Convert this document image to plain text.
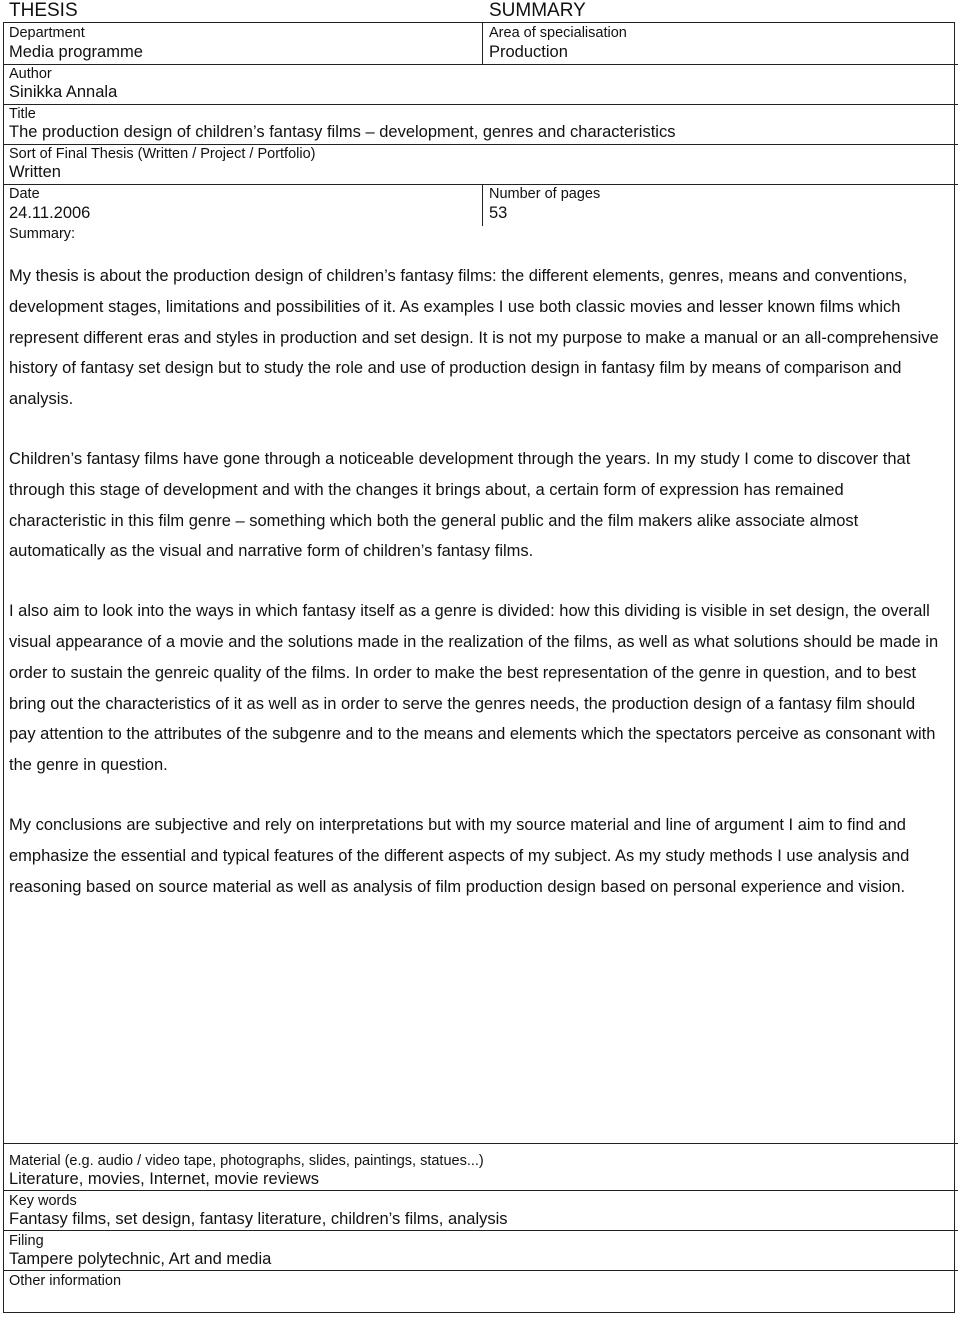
THESIS	SUMMARY
Department
Media programme
Area of specialisation
Production
Author
Sinikka Annala
Title
The production design of children’s fantasy films – development, genres and characteristics
Sort of Final Thesis (Written / Project / Portfolio)
Written
Date
24.11.2006
Number of pages
53
Summary:

My thesis is about the production design of children’s fantasy films: the different elements, genres, means and conventions, development stages, limitations and possibilities of it. As examples I use both classic movies and lesser known films which represent different eras and styles in production and set design. It is not my purpose to make a manual or an all-comprehensive history of fantasy set design but to study the role and use of production design in fantasy film by means of comparison and analysis.

Children’s fantasy films have gone through a noticeable development through the years. In my study I come to discover that through this stage of development and with the changes it brings about, a certain form of expression has remained characteristic in this film genre – something which both the general public and the film makers alike associate almost automatically as the visual and narrative form of children’s fantasy films.

I also aim to look into the ways in which fantasy itself as a genre is divided: how this dividing is visible in set design, the overall visual appearance of a movie and the solutions made in the realization of the films, as well as what solutions should be made in order to sustain the genreic quality of the films. In order to make the best representation of the genre in question, and to best bring out the characteristics of it as well as in order to serve the genres needs, the production design of a fantasy film should pay attention to the attributes of the subgenre and to the means and elements which the spectators perceive as consonant with the genre in question.

My conclusions are subjective and rely on interpretations but with my source material and line of argument I aim to find and emphasize the essential and typical features of the different aspects of my subject. As my study methods I use analysis and reasoning based on source material as well as analysis of film production design based on personal experience and vision.

Material (e.g. audio / video tape, photographs, slides, paintings, statues...)
Literature, movies, Internet, movie reviews
Key words
Fantasy films, set design, fantasy literature, children’s films, analysis
Filing
Tampere polytechnic, Art and media
Other information
